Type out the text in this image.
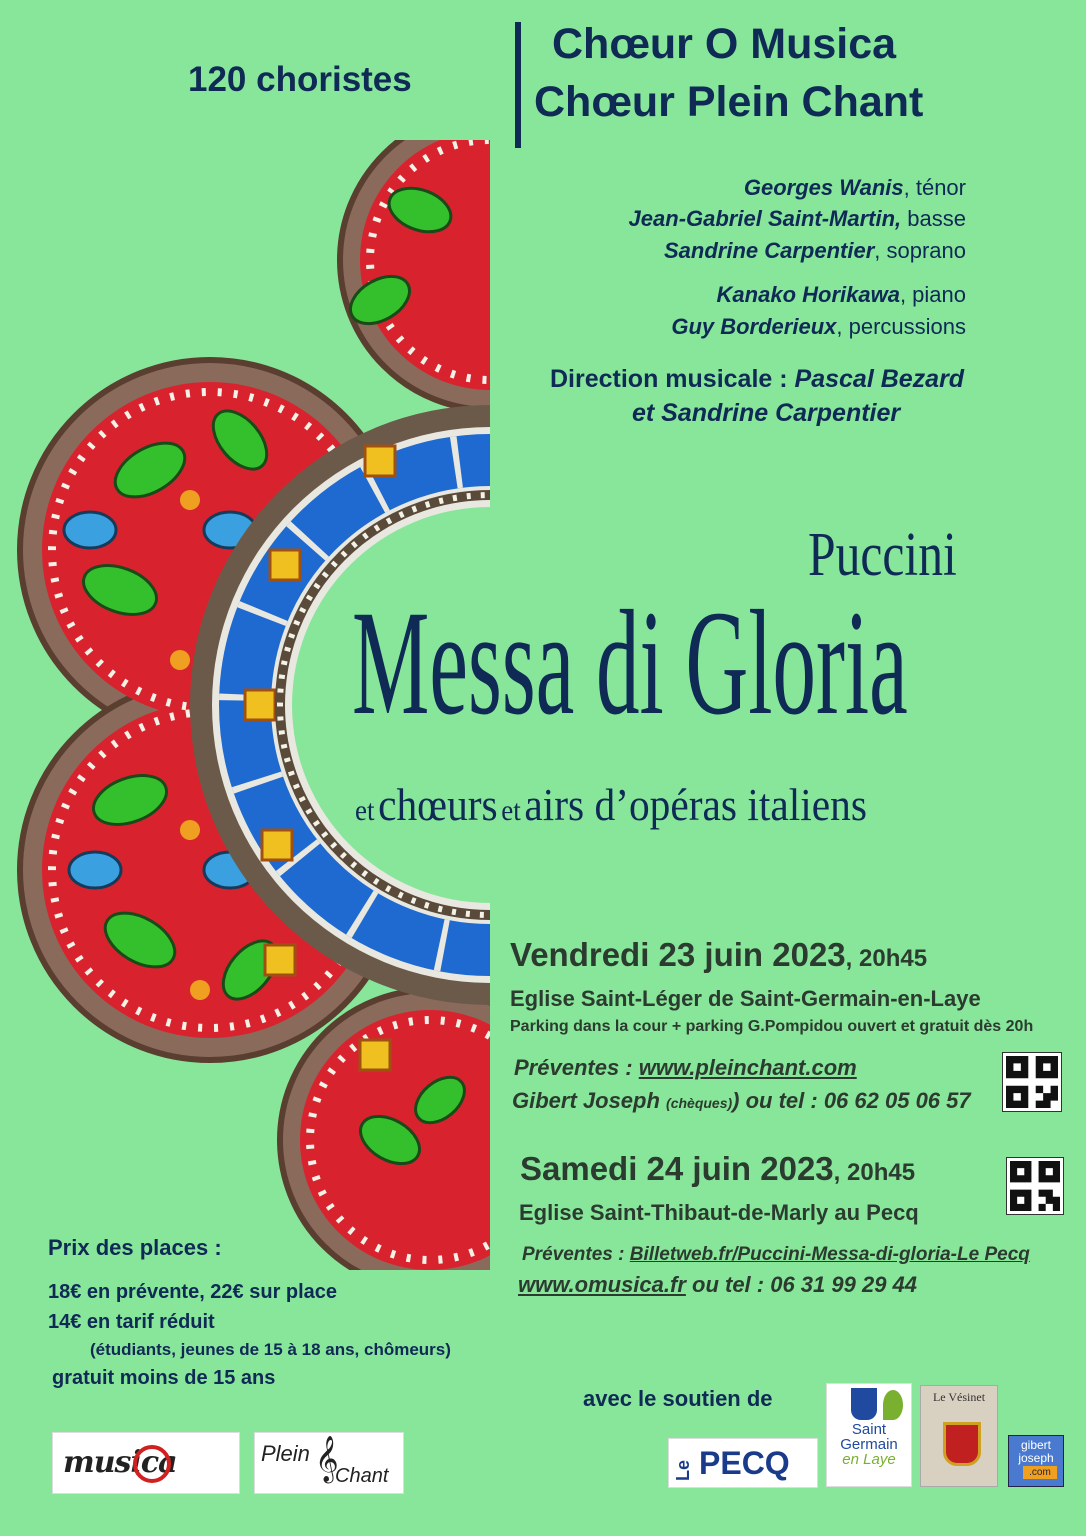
120 choristes
Chœur O Musica
Chœur Plein Chant
Georges Wanis, ténor
Jean-Gabriel Saint-Martin, basse
Sandrine Carpentier, soprano
Kanako Horikawa, piano
Guy Borderieux, percussions
Direction musicale : Pascal Bezard
et Sandrine Carpentier
Puccini
Messa di Gloria
et chœurs et airs d’opéras italiens
Vendredi 23 juin 2023, 20h45
Eglise Saint-Léger de Saint-Germain-en-Laye
Parking dans la cour + parking G.Pompidou ouvert et gratuit dès 20h
Préventes : www.pleinchant.com
Gibert Joseph (chèques)) ou tel : 06 62 05 06 57
Samedi 24 juin 2023, 20h45
Eglise Saint-Thibaut-de-Marly au Pecq
Préventes : Billetweb.fr/Puccini-Messa-di-gloria-Le Pecq
www.omusica.fr ou tel : 06 31 99 29 44
Prix des places :
18€ en prévente, 22€ sur place
14€ en tarif réduit
(étudiants, jeunes de 15 à 18 ans, chômeurs)
gratuit moins de 15 ans
musica	Plein 𝄞
Chant
avec le soutien de
Le PECQ
Saint
Germain
en Laye
Le Vésinet
gibert
joseph
.com
